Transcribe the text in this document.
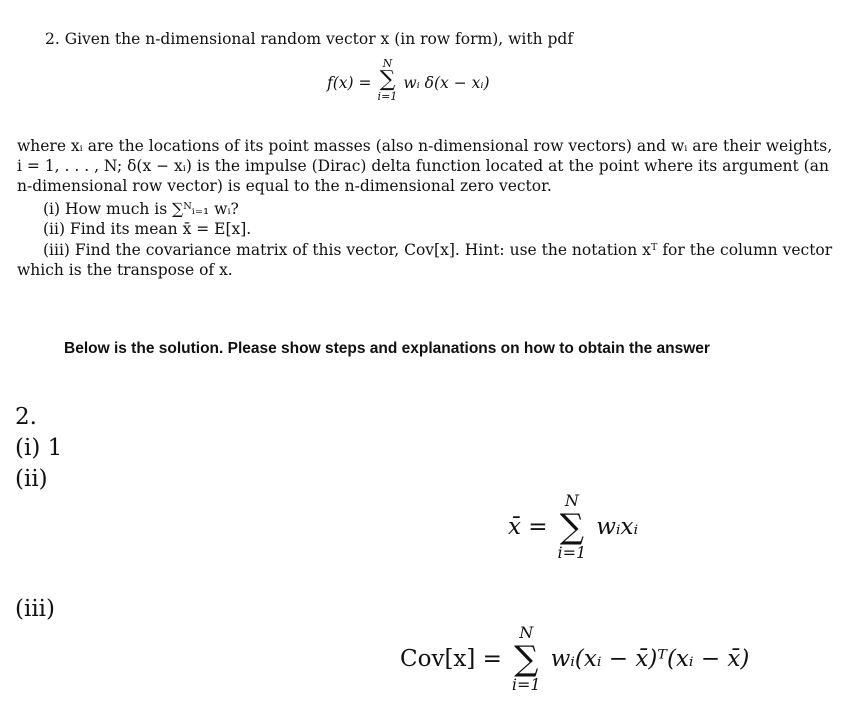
2. Given the n-dimensional random vector x (in row form), with pdf
f(x) =
N
∑
i=1
wᵢ δ(x − xᵢ)
where xᵢ are the locations of its point masses (also n-dimensional row vectors) and wᵢ are their weights,
i = 1, . . . , N; δ(x − xᵢ) is the impulse (Dirac) delta function located at the point where its argument (an
n-dimensional row vector) is equal to the n-dimensional zero vector.
(i) How much is ∑ᴺᵢ₌₁ wᵢ?
(ii) Find its mean x̄ = E[x].
(iii) Find the covariance matrix of this vector, Cov[x]. Hint: use the notation xᵀ for the column vector
which is the transpose of x.
Below is the solution. Please show steps and explanations on how to obtain the answer
2.
(i) 1
(ii)
x̄ =
N
∑
i=1
wᵢxᵢ
(iii)
Cov[x] =
N
∑
i=1
wᵢ(xᵢ − x̄)ᵀ(xᵢ − x̄)
